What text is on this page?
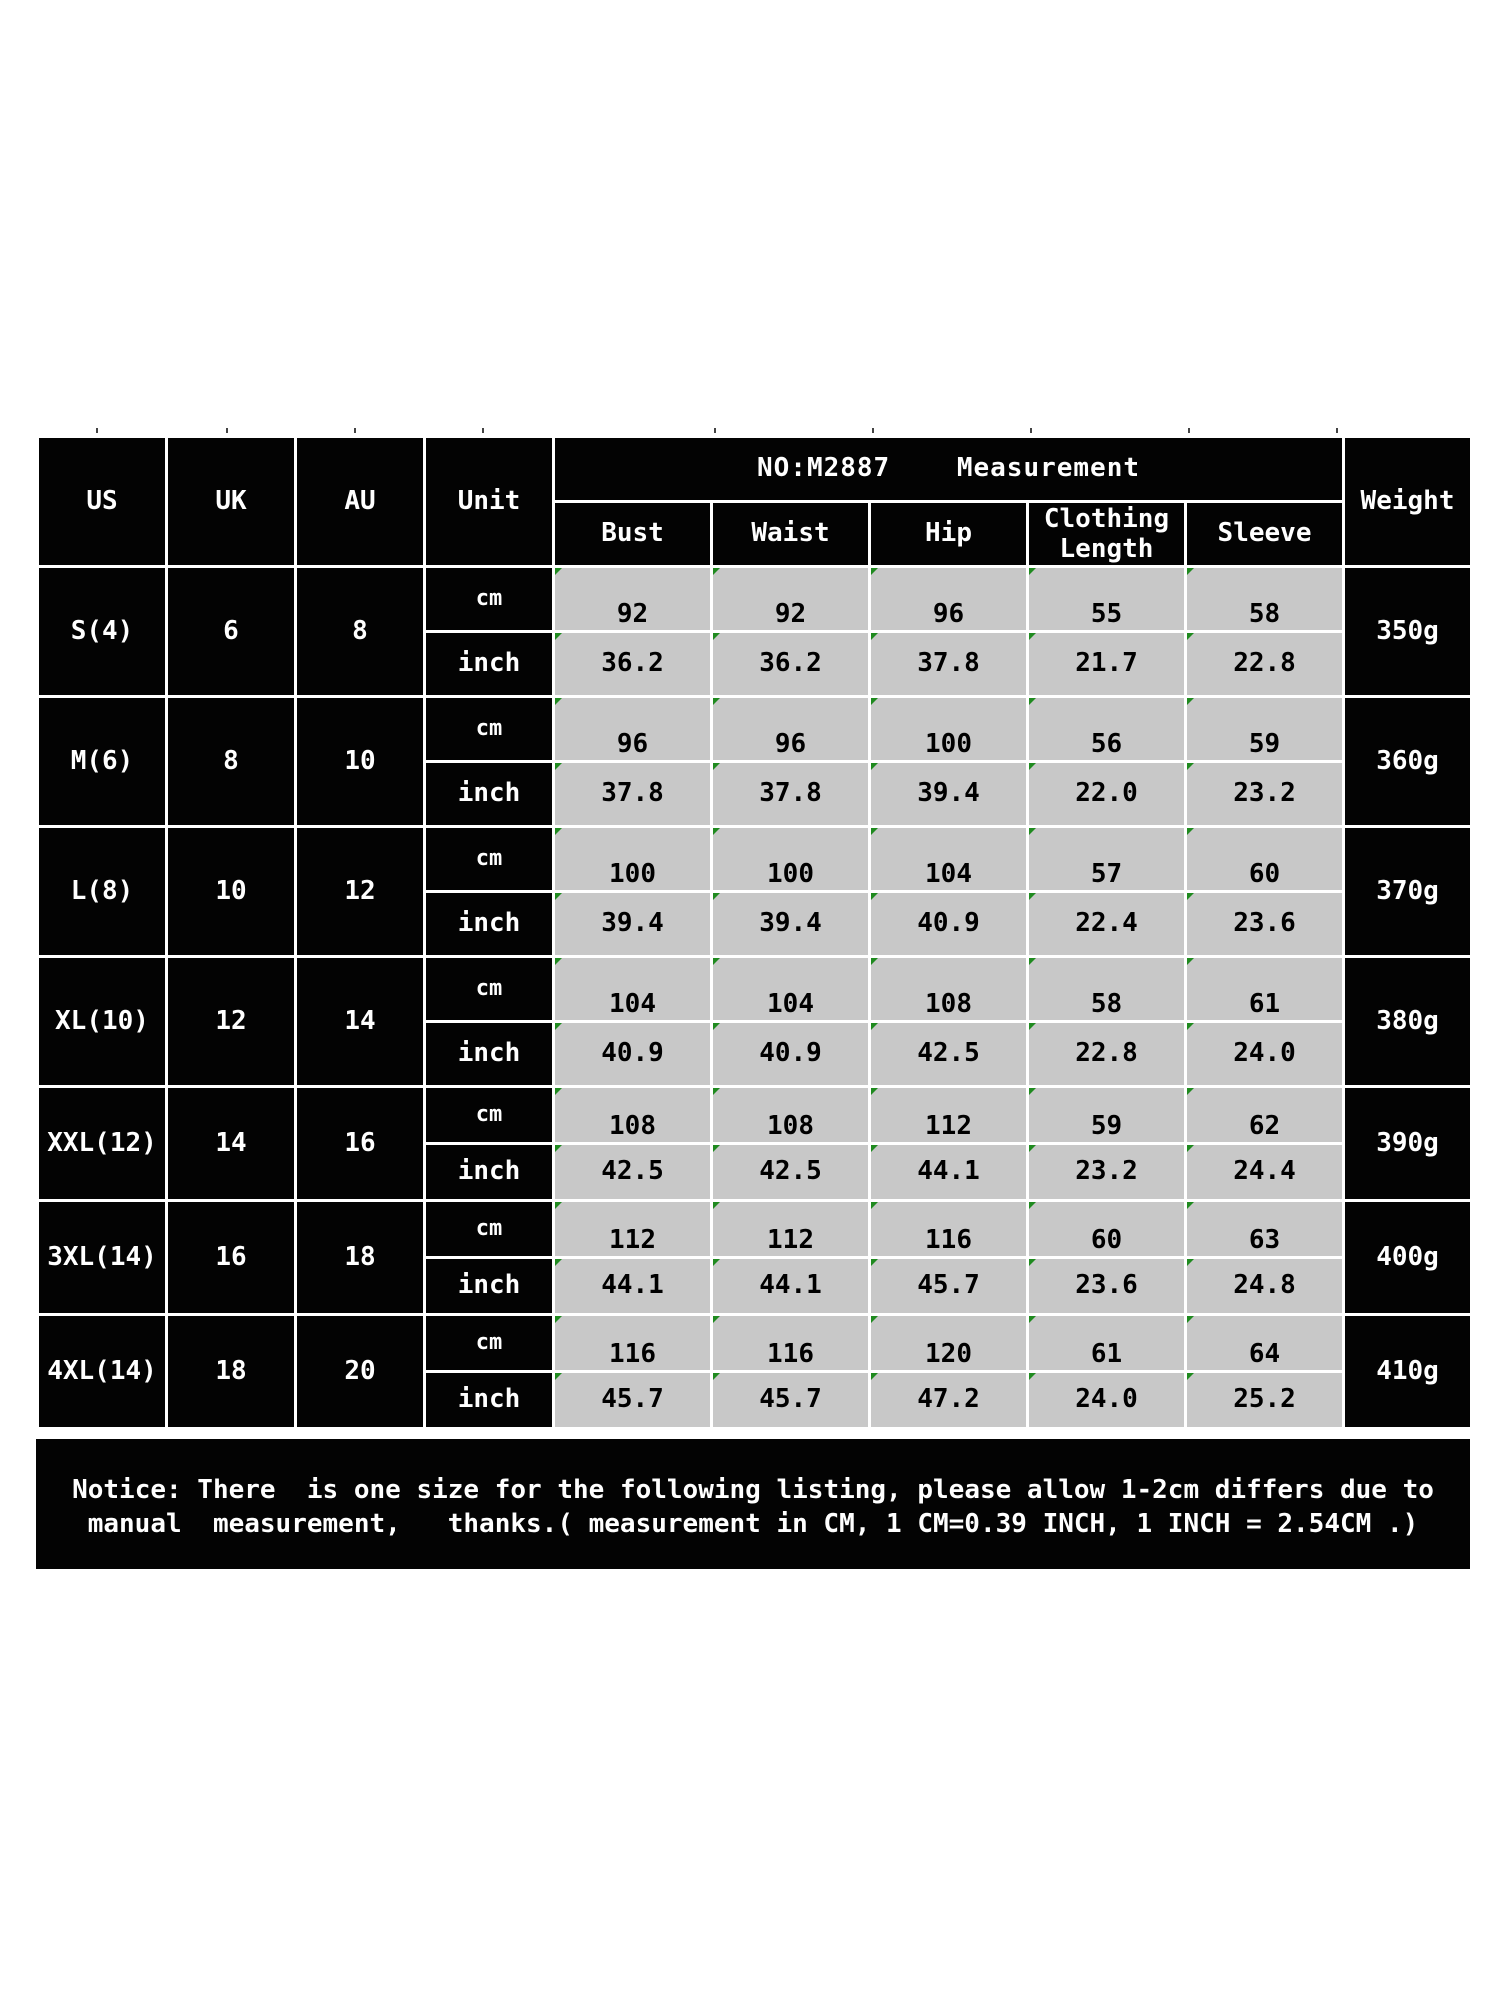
US	UK	AU	Unit	NO:M2887    Measurement					Weight
				Bust	Waist	Hip	Clothing Length	Sleeve	
S(4)	6	8	cm	92	92	96	55	58	350g
			inch	36.2	36.2	37.8	21.7	22.8	
M(6)	8	10	cm	96	96	100	56	59	360g
			inch	37.8	37.8	39.4	22.0	23.2	
L(8)	10	12	cm	100	100	104	57	60	370g
			inch	39.4	39.4	40.9	22.4	23.6	
XL(10)	12	14	cm	104	104	108	58	61	380g
			inch	40.9	40.9	42.5	22.8	24.0	
XXL(12)	14	16	cm	108	108	112	59	62	390g
			inch	42.5	42.5	44.1	23.2	24.4	
3XL(14)	16	18	cm	112	112	116	60	63	400g
			inch	44.1	44.1	45.7	23.6	24.8	
4XL(14)	18	20	cm	116	116	120	61	64	410g
			inch	45.7	45.7	47.2	24.0	25.2	
Notice: There  is one size for the following listing, please allow 1-2cm differs due to
manual  measurement,   thanks.( measurement in CM, 1 CM=0.39 INCH, 1 INCH = 2.54CM .)
